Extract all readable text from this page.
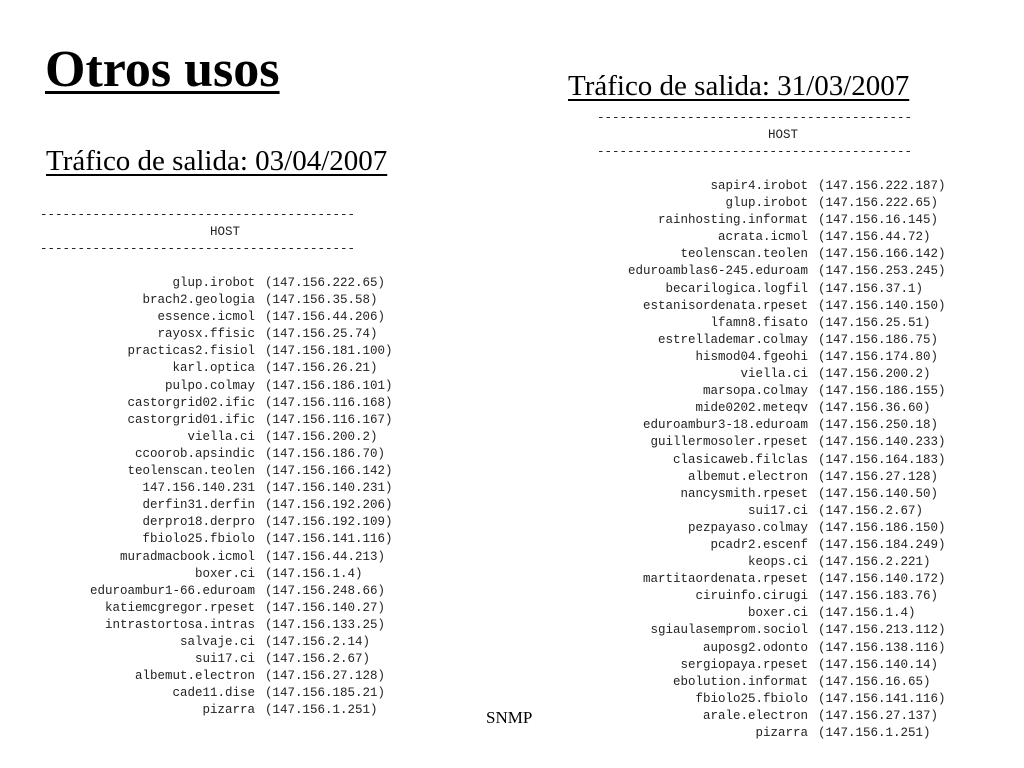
Otros usos
Tráfico de salida: 03/04/2007
Tráfico de salida: 31/03/2007
------------------------------------------
HOST
------------------------------------------
glup.irobot (147.156.222.65)
brach2.geologia (147.156.35.58)
essence.icmol (147.156.44.206)
rayosx.ffisic (147.156.25.74)
practicas2.fisiol (147.156.181.100)
karl.optica (147.156.26.21)
pulpo.colmay (147.156.186.101)
castorgrid02.ific (147.156.116.168)
castorgrid01.ific (147.156.116.167)
viella.ci (147.156.200.2)
ccoorob.apsindic (147.156.186.70)
teolenscan.teolen (147.156.166.142)
147.156.140.231 (147.156.140.231)
derfin31.derfin (147.156.192.206)
derpro18.derpro (147.156.192.109)
fbiolo25.fbiolo (147.156.141.116)
muradmacbook.icmol (147.156.44.213)
boxer.ci (147.156.1.4)
eduroambur1-66.eduroam (147.156.248.66)
katiemcgregor.rpeset (147.156.140.27)
intrastortosa.intras (147.156.133.25)
salvaje.ci (147.156.2.14)
sui17.ci (147.156.2.67)
albemut.electron (147.156.27.128)
cade11.dise (147.156.185.21)
pizarra (147.156.1.251)
------------------------------------------
HOST
------------------------------------------
sapir4.irobot (147.156.222.187)
glup.irobot (147.156.222.65)
rainhosting.informat (147.156.16.145)
acrata.icmol (147.156.44.72)
teolenscan.teolen (147.156.166.142)
eduroamblas6-245.eduroam (147.156.253.245)
becarilogica.logfil (147.156.37.1)
estanisordenata.rpeset (147.156.140.150)
lfamn8.fisato (147.156.25.51)
estrellademar.colmay (147.156.186.75)
hismod04.fgeohi (147.156.174.80)
viella.ci (147.156.200.2)
marsopa.colmay (147.156.186.155)
mide0202.meteqv (147.156.36.60)
eduroambur3-18.eduroam (147.156.250.18)
guillermosoler.rpeset (147.156.140.233)
clasicaweb.filclas (147.156.164.183)
albemut.electron (147.156.27.128)
nancysmith.rpeset (147.156.140.50)
sui17.ci (147.156.2.67)
pezpayaso.colmay (147.156.186.150)
pcadr2.escenf (147.156.184.249)
keops.ci (147.156.2.221)
martitaordenata.rpeset (147.156.140.172)
ciruinfo.cirugi (147.156.183.76)
boxer.ci (147.156.1.4)
sgiaulasemprom.sociol (147.156.213.112)
auposg2.odonto (147.156.138.116)
sergiopaya.rpeset (147.156.140.14)
ebolution.informat (147.156.16.65)
fbiolo25.fbiolo (147.156.141.116)
arale.electron (147.156.27.137)
pizarra (147.156.1.251)
SNMP
